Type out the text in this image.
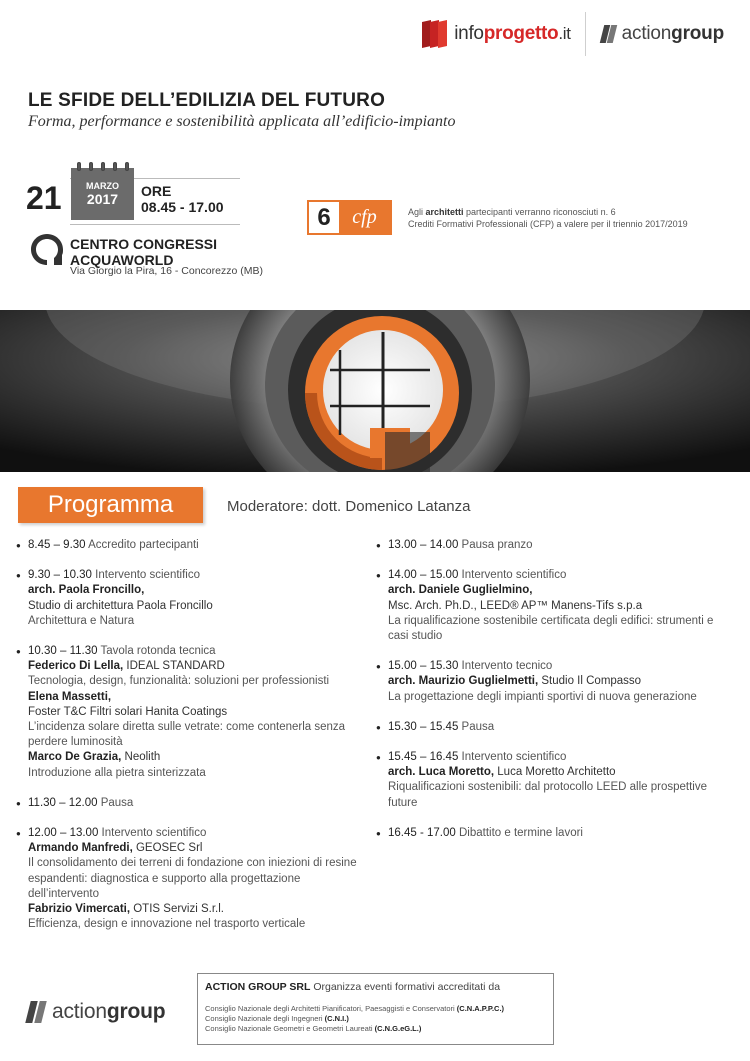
infoprogetto.it	actiongroup
LE SFIDE DELL’EDILIZIA DEL FUTURO
Forma, performance e sostenibilità applicata all’edificio-impianto
21	MARZO
2017 ORE
08.45 - 17.00
CENTRO CONGRESSI ACQUAWORLD
Via Giorgio la Pira, 16 - Concorezzo (MB)
6	cfp	Agli architetti partecipanti verranno riconosciuti n. 6
Crediti Formativi Professionali (CFP) a valere per il triennio 2017/2019
Programma	Moderatore: dott. Domenico Latanza
● 8.45 – 9.30 Accredito partecipanti
● 9.30 – 10.30 Intervento scientifico
arch. Paola Froncillo,
Studio di architettura Paola Froncillo
Architettura e Natura
● 10.30 – 11.30 Tavola rotonda tecnica
Federico Di Lella, IDEAL STANDARD
Tecnologia, design, funzionalità: soluzioni per professionisti
Elena Massetti,
Foster T&C Filtri solari Hanita Coatings
L’incidenza solare diretta sulle vetrate: come contenerla senza perdere luminosità
Marco De Grazia, Neolith
Introduzione alla pietra sinterizzata
● 11.30 – 12.00 Pausa
● 12.00 – 13.00 Intervento scientifico
Armando Manfredi, GEOSEC Srl
Il consolidamento dei terreni di fondazione con iniezioni di resine espandenti: diagnostica e supporto alla progettazione dell’intervento
Fabrizio Vimercati, OTIS Servizi S.r.l.
Efficienza, design e innovazione nel trasporto verticale
● 13.00 – 14.00 Pausa pranzo
● 14.00 – 15.00 Intervento scientifico
arch. Daniele Guglielmino,
Msc. Arch. Ph.D., LEED® AP™ Manens-Tifs s.p.a
La riqualificazione sostenibile certificata degli edifici: strumenti e casi studio
● 15.00 – 15.30 Intervento tecnico
arch. Maurizio Guglielmetti, Studio Il Compasso
La progettazione degli impianti sportivi di nuova generazione
● 15.30 – 15.45 Pausa
● 15.45 – 16.45 Intervento scientifico
arch. Luca Moretto, Luca Moretto Architetto
Riqualificazioni sostenibili: dal protocollo LEED alle prospettive future
● 16.45 - 17.00 Dibattito e termine lavori
actiongroup
ACTION GROUP SRL Organizza eventi formativi accreditati da
Consiglio Nazionale degli Architetti Pianificatori, Paesaggisti e Conservatori (C.N.A.P.P.C.)
Consiglio Nazionale degli Ingegneri (C.N.I.)
Consiglio Nazionale Geometri e Geometri Laureati (C.N.G.eG.L.)
